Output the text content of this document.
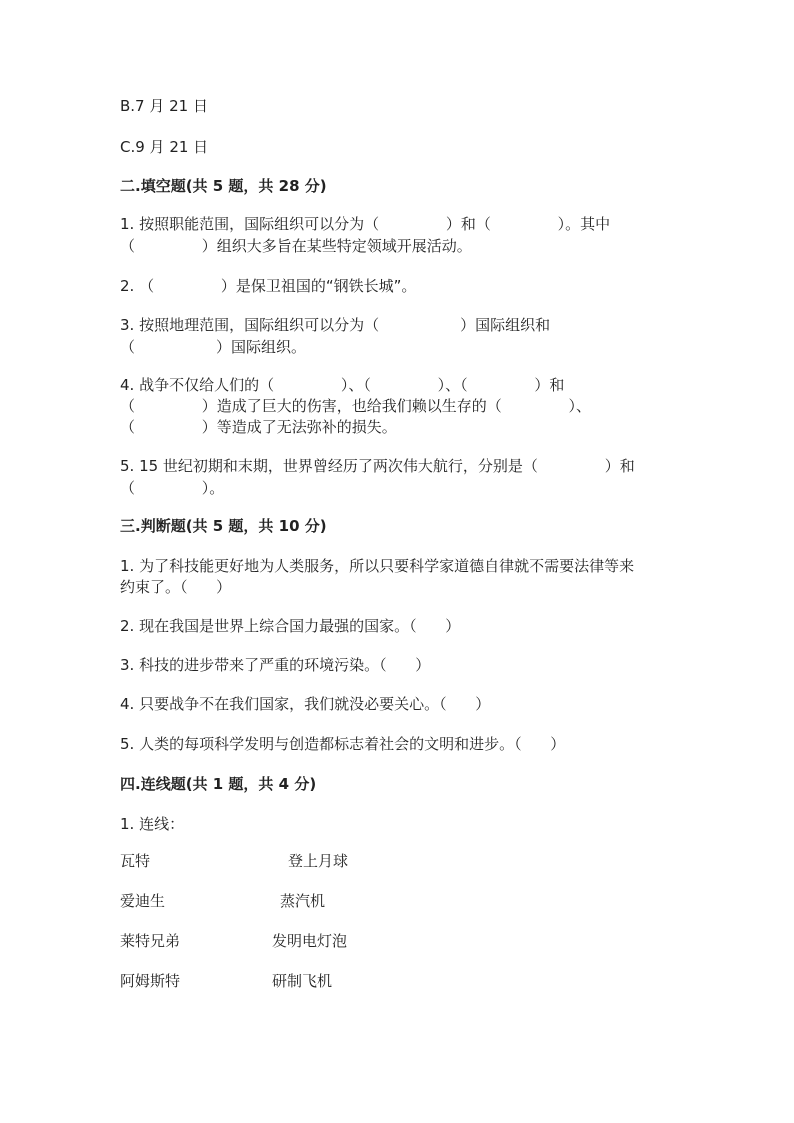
B.7 月 21 日

C.9 月 21 日

二.填空题(共 5 题，共 28 分)

1. 按照职能范围，国际组织可以分为（              ）和（              ）。其中

（              ）组织大多旨在某些特定领域开展活动。

2. （              ）是保卫祖国的“钢铁长城”。

3. 按照地理范围，国际组织可以分为（                 ）国际组织和

（                 ）国际组织。

4. 战争不仅给人们的（              ）、（              ）、（              ）和

（              ）造成了巨大的伤害，也给我们赖以生存的（              ）、

（              ）等造成了无法弥补的损失。

5. 15 世纪初期和末期，世界曾经历了两次伟大航行，分别是（              ）和

（              ）。

三.判断题(共 5 题，共 10 分)

1. 为了科技能更好地为人类服务，所以只要科学家道德自律就不需要法律等来

约束了。（      ）

2. 现在我国是世界上综合国力最强的国家。（      ）

3. 科技的进步带来了严重的环境污染。（      ）

4. 只要战争不在我们国家，我们就没必要关心。（      ）

5. 人类的每项科学发明与创造都标志着社会的文明和进步。（      ）

四.连线题(共 1 题，共 4 分)

1. 连线：

瓦特	登上月球
爱迪生	蒸汽机
莱特兄弟	发明电灯泡
阿姆斯特	研制飞机
